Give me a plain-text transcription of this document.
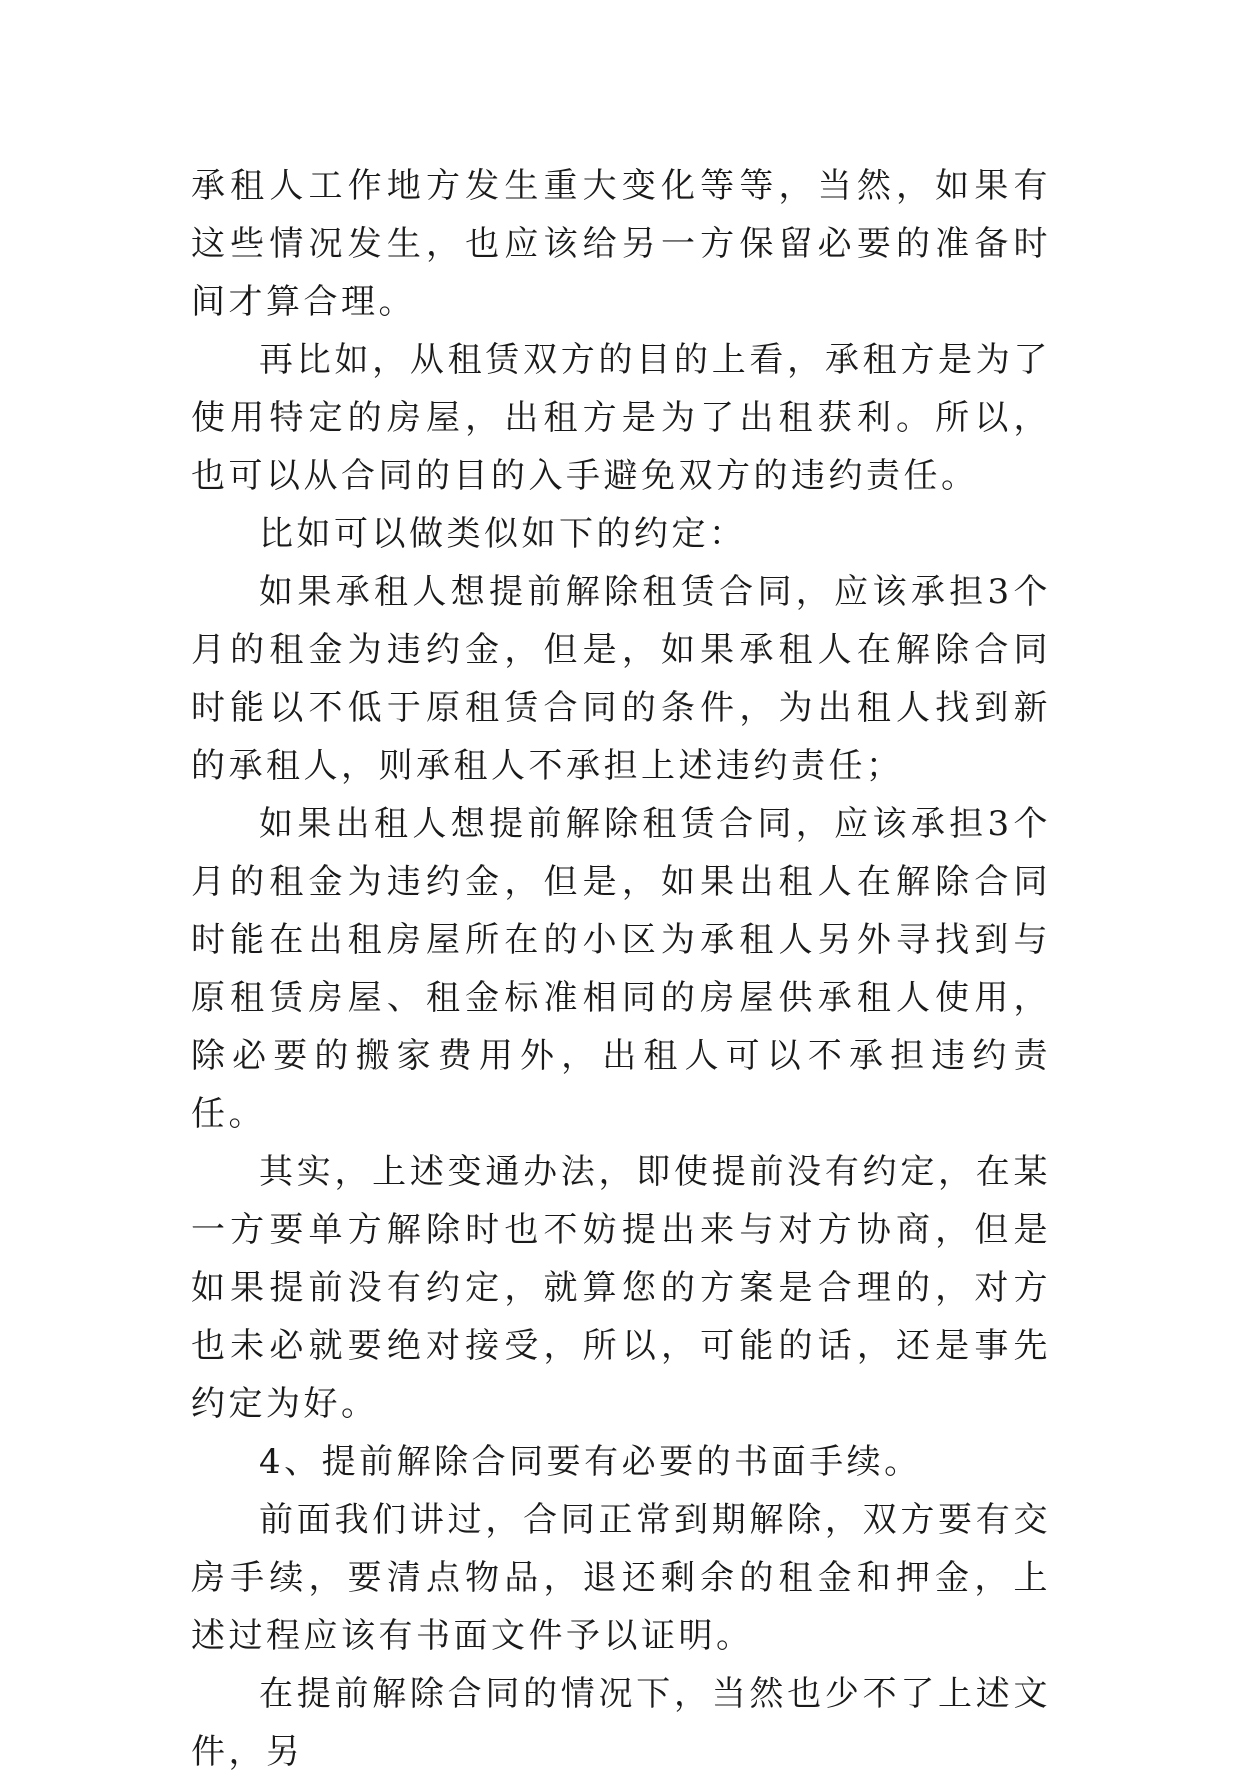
承租人工作地方发生重大变化等等，当然，如果有这些情况发生，也应该给另一方保留必要的准备时间才算合理。

再比如，从租赁双方的目的上看，承租方是为了使用特定的房屋，出租方是为了出租获利。所以，也可以从合同的目的入手避免双方的违约责任。

比如可以做类似如下的约定：

如果承租人想提前解除租赁合同，应该承担3个月的租金为违约金，但是，如果承租人在解除合同时能以不低于原租赁合同的条件，为出租人找到新的承租人，则承租人不承担上述违约责任；

如果出租人想提前解除租赁合同，应该承担3个月的租金为违约金，但是，如果出租人在解除合同时能在出租房屋所在的小区为承租人另外寻找到与原租赁房屋、租金标准相同的房屋供承租人使用，除必要的搬家费用外，出租人可以不承担违约责任。

其实，上述变通办法，即使提前没有约定，在某一方要单方解除时也不妨提出来与对方协商，但是如果提前没有约定，就算您的方案是合理的，对方也未必就要绝对接受，所以，可能的话，还是事先约定为好。

4、提前解除合同要有必要的书面手续。

前面我们讲过，合同正常到期解除，双方要有交房手续，要清点物品，退还剩余的租金和押金，上述过程应该有书面文件予以证明。

在提前解除合同的情况下，当然也少不了上述文件，另
